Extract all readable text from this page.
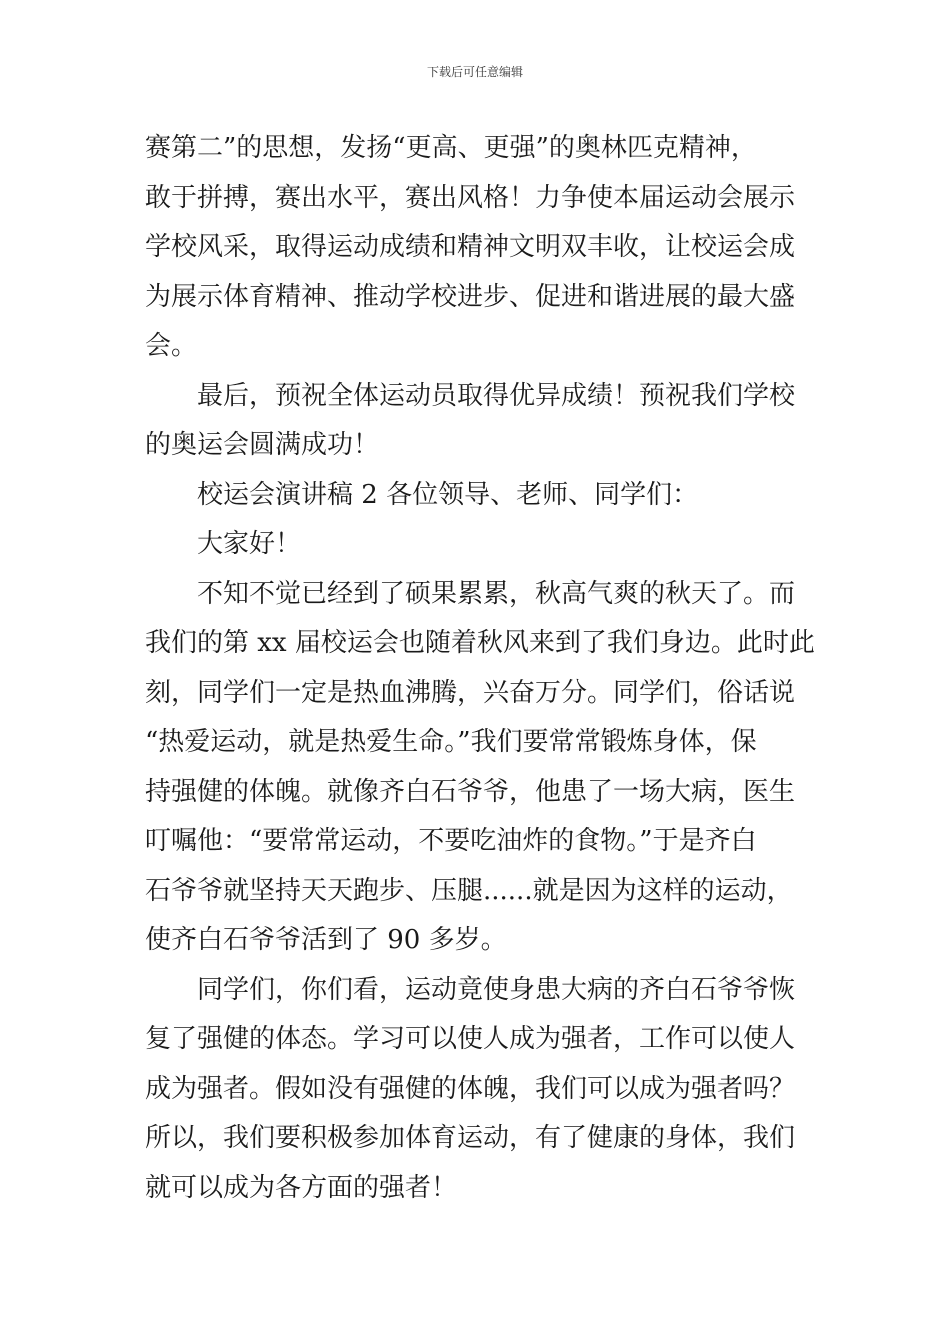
下载后可任意编辑
赛第二”的思想，发扬“更高、更强”的奥林匹克精神，
敢于拼搏，赛出水平，赛出风格！力争使本届运动会展示
学校风采，取得运动成绩和精神文明双丰收，让校运会成
为展示体育精神、推动学校进步、促进和谐进展的最大盛
会。
最后，预祝全体运动员取得优异成绩！预祝我们学校
的奥运会圆满成功！
校运会演讲稿 2 各位领导、老师、同学们：
大家好！
不知不觉已经到了硕果累累，秋高气爽的秋天了。而
我们的第 xx 届校运会也随着秋风来到了我们身边。此时此
刻，同学们一定是热血沸腾，兴奋万分。同学们，俗话说
“热爱运动，就是热爱生命。”我们要常常锻炼身体，保
持强健的体魄。就像齐白石爷爷，他患了一场大病，医生
叮嘱他：“要常常运动，不要吃油炸的食物。”于是齐白
石爷爷就坚持天天跑步、压腿......就是因为这样的运动，
使齐白石爷爷活到了 90 多岁。
同学们，你们看，运动竟使身患大病的齐白石爷爷恢
复了强健的体态。学习可以使人成为强者，工作可以使人
成为强者。假如没有强健的体魄，我们可以成为强者吗？
所以，我们要积极参加体育运动，有了健康的身体，我们
就可以成为各方面的强者！
